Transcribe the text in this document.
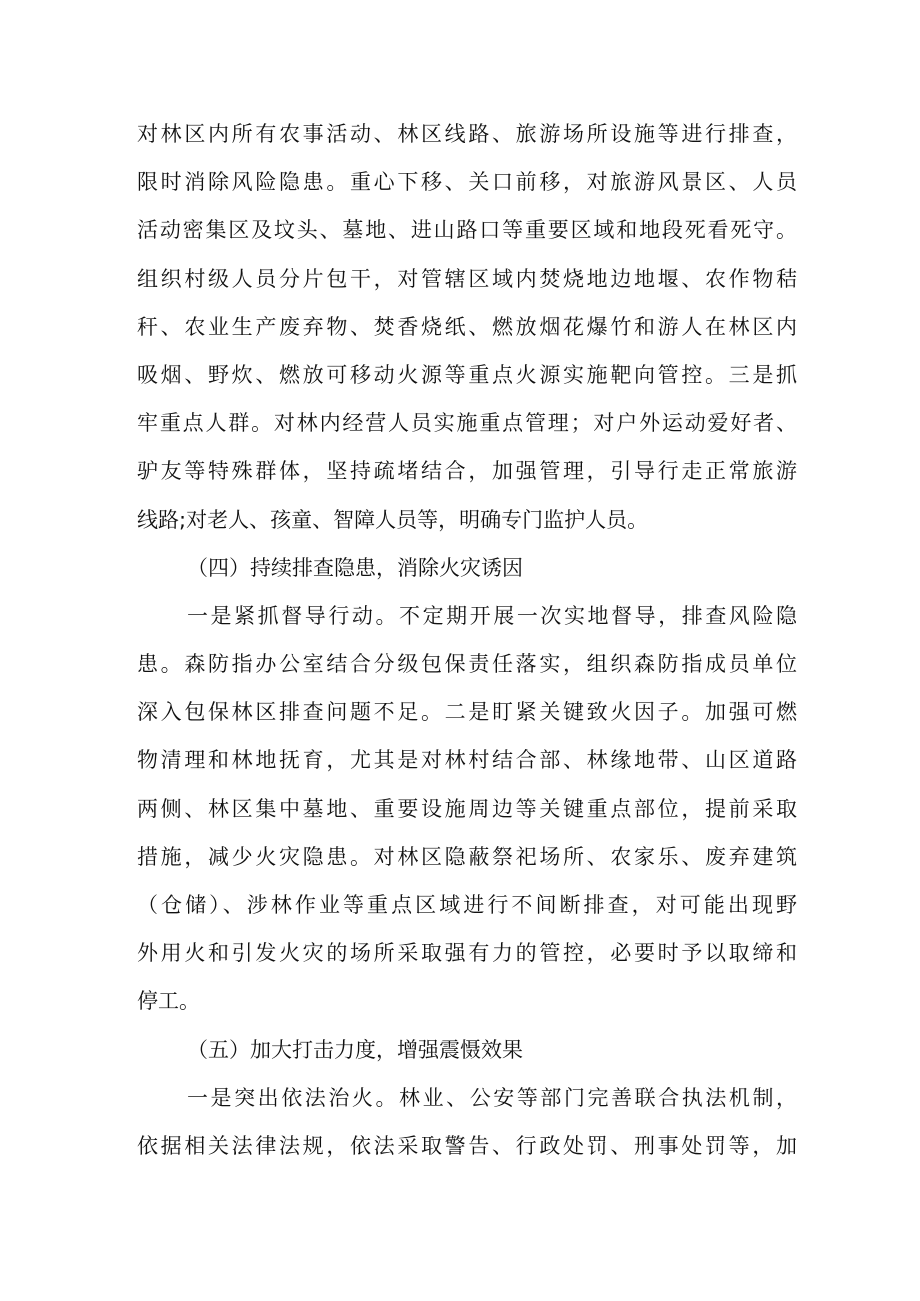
对林区内所有农事活动、林区线路、旅游场所设施等进行排查，
限时消除风险隐患。重心下移、关口前移，对旅游风景区、人员
活动密集区及坟头、墓地、进山路口等重要区域和地段死看死守。
组织村级人员分片包干，对管辖区域内焚烧地边地堰、农作物秸
秆、农业生产废弃物、焚香烧纸、燃放烟花爆竹和游人在林区内
吸烟、野炊、燃放可移动火源等重点火源实施靶向管控。三是抓
牢重点人群。对林内经营人员实施重点管理；对户外运动爱好者、
驴友等特殊群体，坚持疏堵结合，加强管理，引导行走正常旅游
线路;对老人、孩童、智障人员等，明确专门监护人员。
（四）持续排查隐患，消除火灾诱因
一是紧抓督导行动。不定期开展一次实地督导，排查风险隐
患。森防指办公室结合分级包保责任落实，组织森防指成员单位
深入包保林区排查问题不足。二是盯紧关键致火因子。加强可燃
物清理和林地抚育，尤其是对林村结合部、林缘地带、山区道路
两侧、林区集中墓地、重要设施周边等关键重点部位，提前采取
措施，减少火灾隐患。对林区隐蔽祭祀场所、农家乐、废弃建筑
（仓储）、涉林作业等重点区域进行不间断排查，对可能出现野
外用火和引发火灾的场所采取强有力的管控，必要时予以取缔和
停工。
（五）加大打击力度，增强震慑效果
一是突出依法治火。林业、公安等部门完善联合执法机制，
依据相关法律法规，依法采取警告、行政处罚、刑事处罚等，加
